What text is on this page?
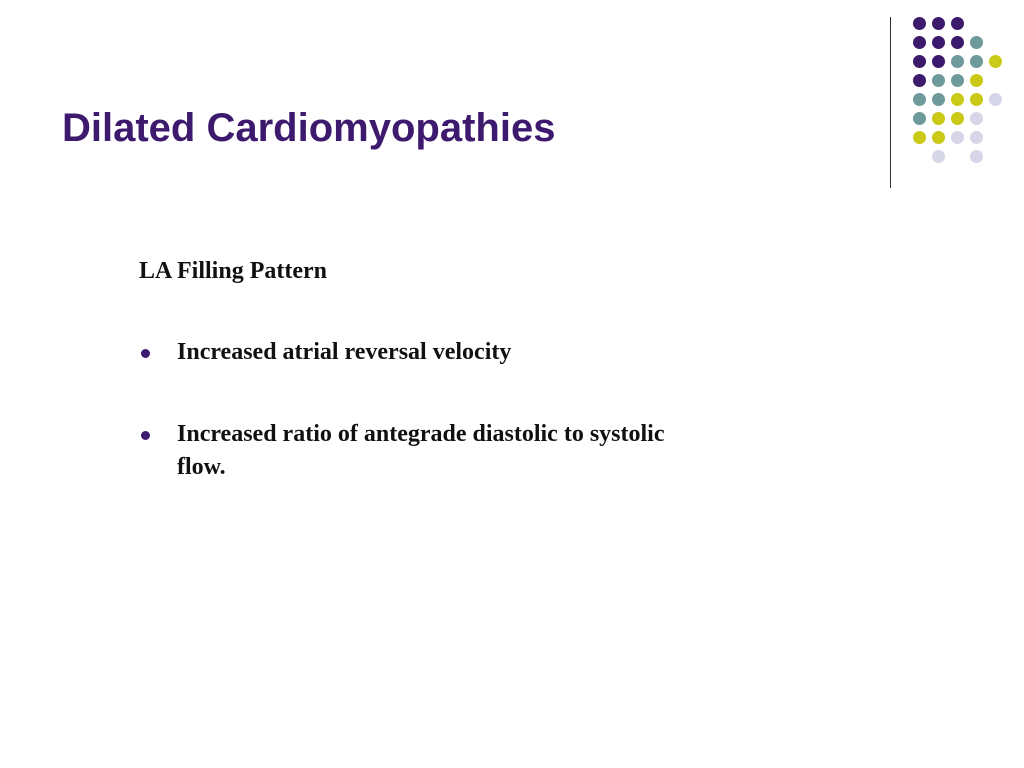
Dilated Cardiomyopathies

LA Filling Pattern

Increased atrial reversal velocity
Increased ratio of antegrade diastolic to systolic flow.
